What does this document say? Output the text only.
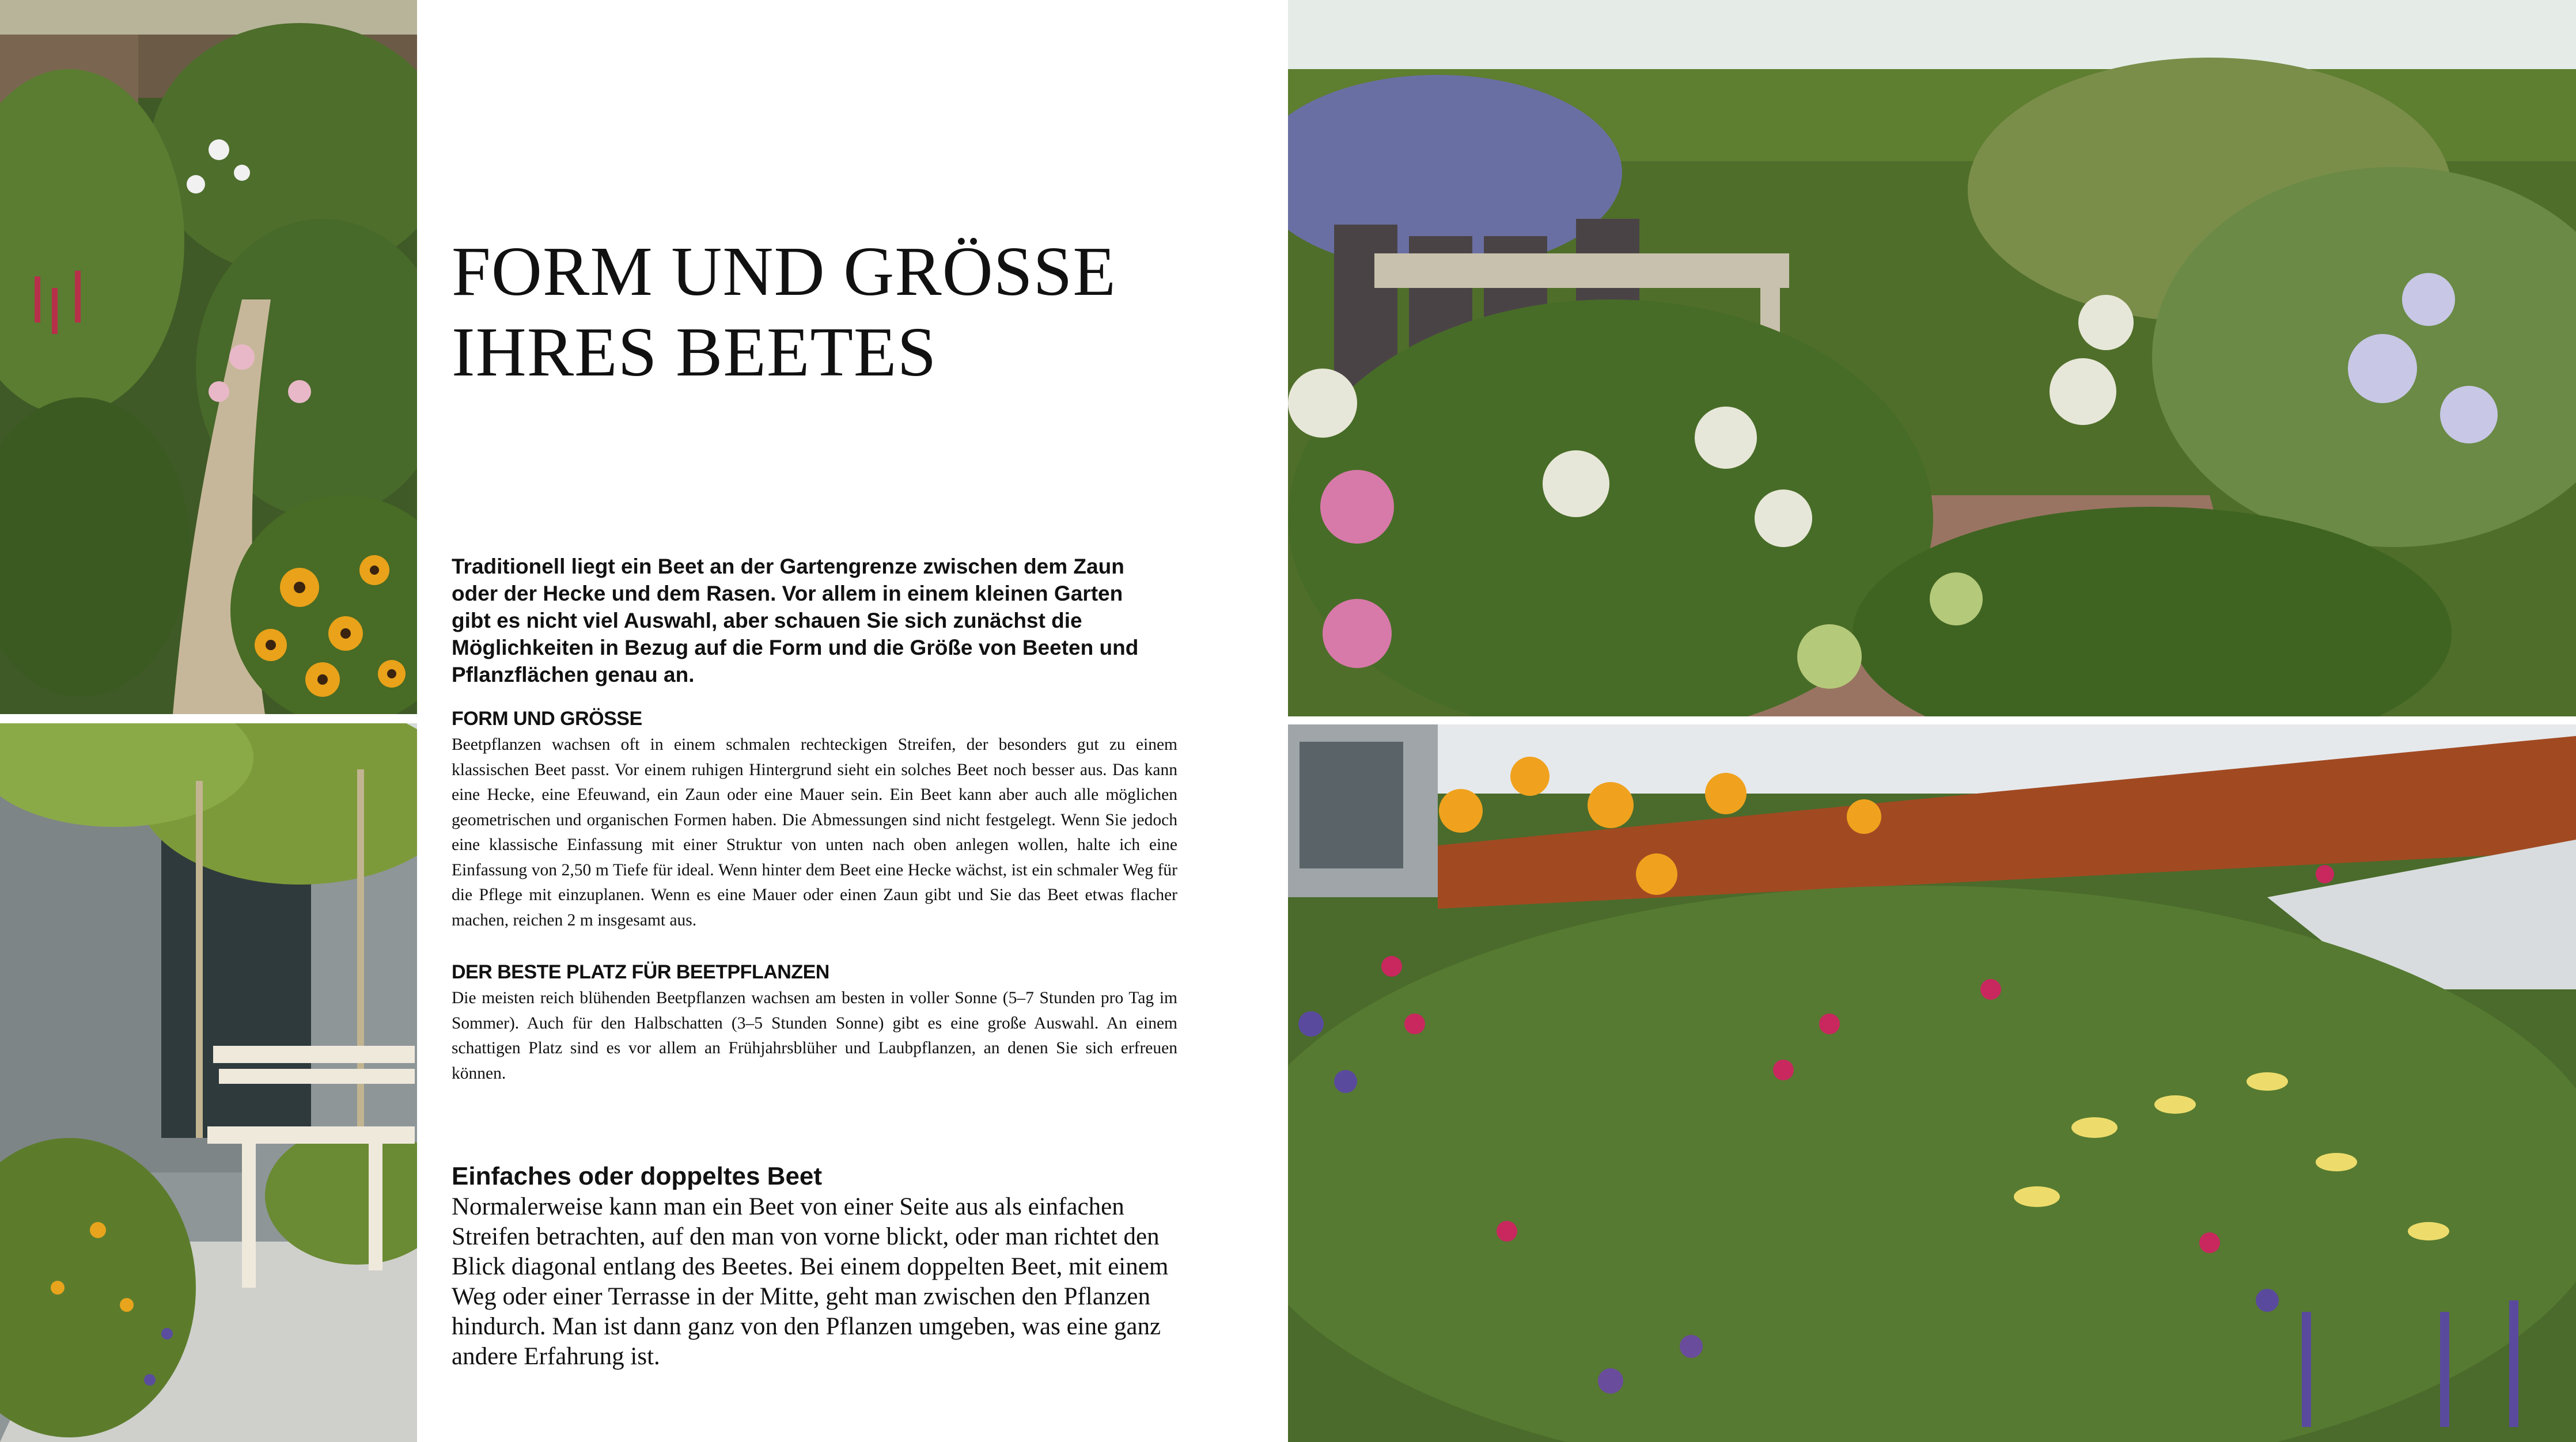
FORM UND GRÖSSE
IHRES BEETES

Traditionell liegt ein Beet an der Gartengrenze zwischen dem Zaun oder der Hecke und dem Rasen. Vor allem in einem kleinen Garten gibt es nicht viel Auswahl, aber schauen Sie sich zunächst die Möglichkeiten in Bezug auf die Form und die Größe von Beeten und Pflanzflächen genau an.

FORM UND GRÖSSE

Beetpflanzen wachsen oft in einem schmalen rechteckigen Streifen, der besonders gut zu einem klassischen Beet passt. Vor einem ruhigen Hintergrund sieht ein solches Beet noch besser aus. Das kann eine Hecke, eine Efeuwand, ein Zaun oder eine Mauer sein. Ein Beet kann aber auch alle möglichen geometrischen und organischen Formen haben. Die Abmessungen sind nicht festgelegt. Wenn Sie jedoch eine klassische Einfassung mit einer Struktur von unten nach oben anlegen wollen, halte ich eine Einfassung von 2,50 m Tiefe für ideal. Wenn hinter dem Beet eine Hecke wächst, ist ein schmaler Weg für die Pflege mit einzuplanen. Wenn es eine Mauer oder einen Zaun gibt und Sie das Beet etwas flacher machen, reichen 2 m insgesamt aus.

DER BESTE PLATZ FÜR BEETPFLANZEN

Die meisten reich blühenden Beetpflanzen wachsen am besten in voller Sonne (5–7 Stunden pro Tag im Sommer). Auch für den Halbschatten (3–5 Stunden Sonne) gibt es eine große Auswahl. An einem schattigen Platz sind es vor allem an Frühjahrsblüher und Laubpflanzen, an denen Sie sich erfreuen können.

Einfaches oder doppeltes Beet

Normalerweise kann man ein Beet von einer Seite aus als einfachen Streifen betrachten, auf den man von vorne blickt, oder man richtet den Blick diagonal entlang des Beetes. Bei einem doppelten Beet, mit einem Weg oder einer Terrasse in der Mitte, geht man zwischen den Pflanzen hindurch. Man ist dann ganz von den Pflanzen umgeben, was eine ganz andere Erfahrung ist.
